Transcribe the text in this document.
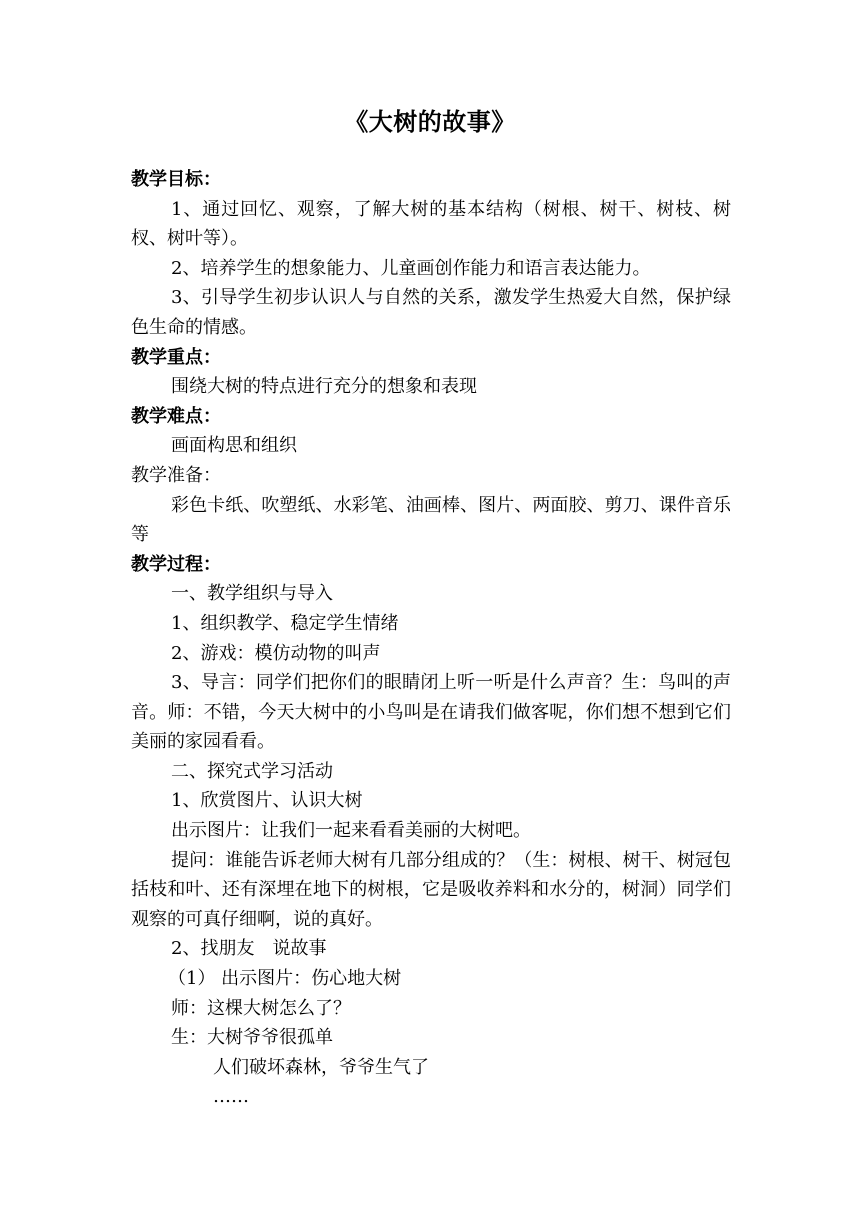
《大树的故事》

教学目标：

1、通过回忆、观察，了解大树的基本结构（树根、树干、树枝、树杈、树叶等）。

2、培养学生的想象能力、儿童画创作能力和语言表达能力。

3、引导学生初步认识人与自然的关系，激发学生热爱大自然，保护绿色生命的情感。

教学重点：

围绕大树的特点进行充分的想象和表现

教学难点：

画面构思和组织

教学准备：

彩色卡纸、吹塑纸、水彩笔、油画棒、图片、两面胶、剪刀、课件音乐等

教学过程：

一、教学组织与导入

1、组织教学、稳定学生情绪

2、游戏：模仿动物的叫声

3、导言：同学们把你们的眼睛闭上听一听是什么声音？生：鸟叫的声音。师：不错，今天大树中的小鸟叫是在请我们做客呢，你们想不想到它们美丽的家园看看。

二、探究式学习活动

1、欣赏图片、认识大树

出示图片：让我们一起来看看美丽的大树吧。

提问：谁能告诉老师大树有几部分组成的？（生：树根、树干、树冠包括枝和叶、还有深埋在地下的树根，它是吸收养料和水分的，树洞）同学们观察的可真仔细啊，说的真好。

2、找朋友　说故事

（1） 出示图片：伤心地大树

师：这棵大树怎么了？

生：大树爷爷很孤单

人们破坏森林，爷爷生气了

……
